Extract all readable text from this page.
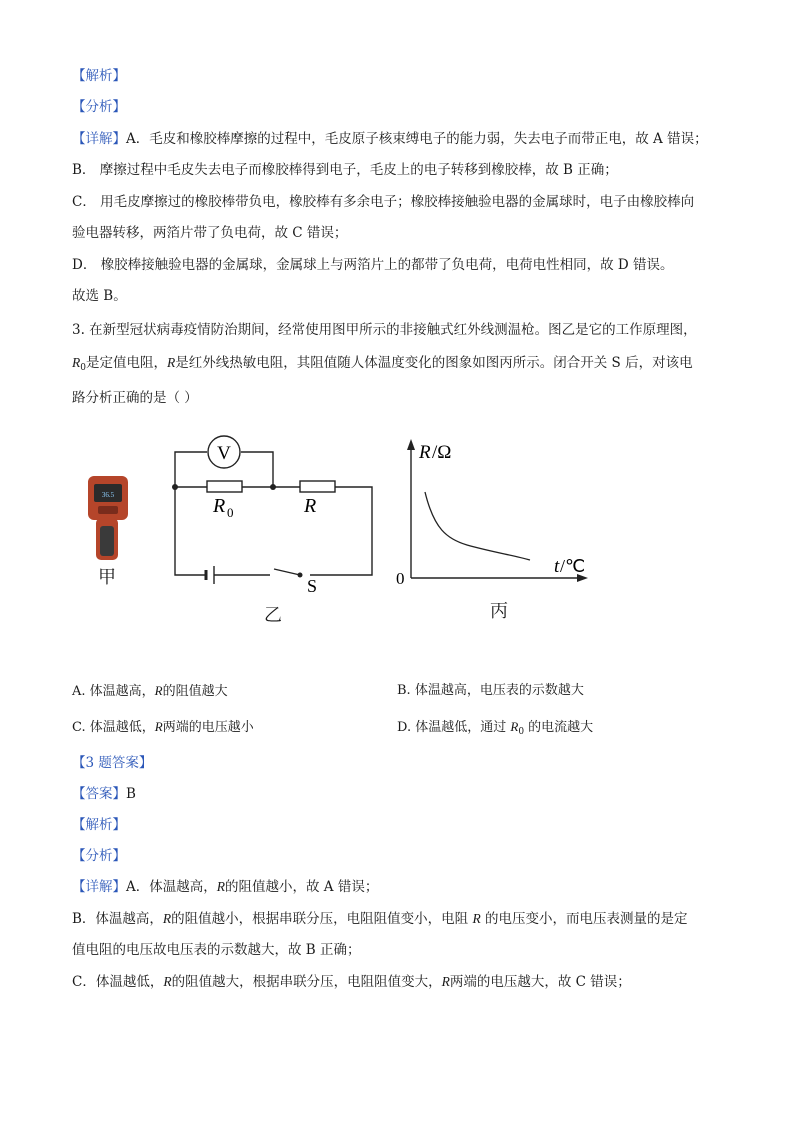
【解析】
【分析】
【详解】A．毛皮和橡胶棒摩擦的过程中，毛皮原子核束缚电子的能力弱，失去电子而带正电，故 A 错误；
B． 摩擦过程中毛皮失去电子而橡胶棒得到电子，毛皮上的电子转移到橡胶棒，故 B 正确；
C． 用毛皮摩擦过的橡胶棒带负电，橡胶棒有多余电子；橡胶棒接触验电器的金属球时，电子由橡胶棒向
验电器转移，两箔片带了负电荷，故 C 错误；
D． 橡胶棒接触验电器的金属球，金属球上与两箔片上的都带了负电荷，电荷电性相同，故 D 错误。
故选 B。
3. 在新型冠状病毒疫情防治期间，经常使用图甲所示的非接触式红外线测温枪。图乙是它的工作原理图，
$R_0$是定值电阻，R是红外线热敏电阻，其阻值随人体温度变化的图象如图丙所示。闭合开关 S 后，对该电
路分析正确的是（ ）
36.5
甲
V
R 0	R
S
乙
R /Ω
t /℃
0
丙
A. 体温越高，R的阻值越大	B. 体温越高，电压表的示数越大
C. 体温越低，R两端的电压越小	D. 体温越低，通过 $R_0$ 的电流越大
【3 题答案】
【答案】B
【解析】
【分析】
【详解】A．体温越高，R的阻值越小，故 A 错误；
B．体温越高，R的阻值越小，根据串联分压，电阻阻值变小，电阻 R 的电压变小，而电压表测量的是定
值电阻的电压故电压表的示数越大，故 B 正确；
C．体温越低，R的阻值越大，根据串联分压，电阻阻值变大，R两端的电压越大，故 C 错误；
